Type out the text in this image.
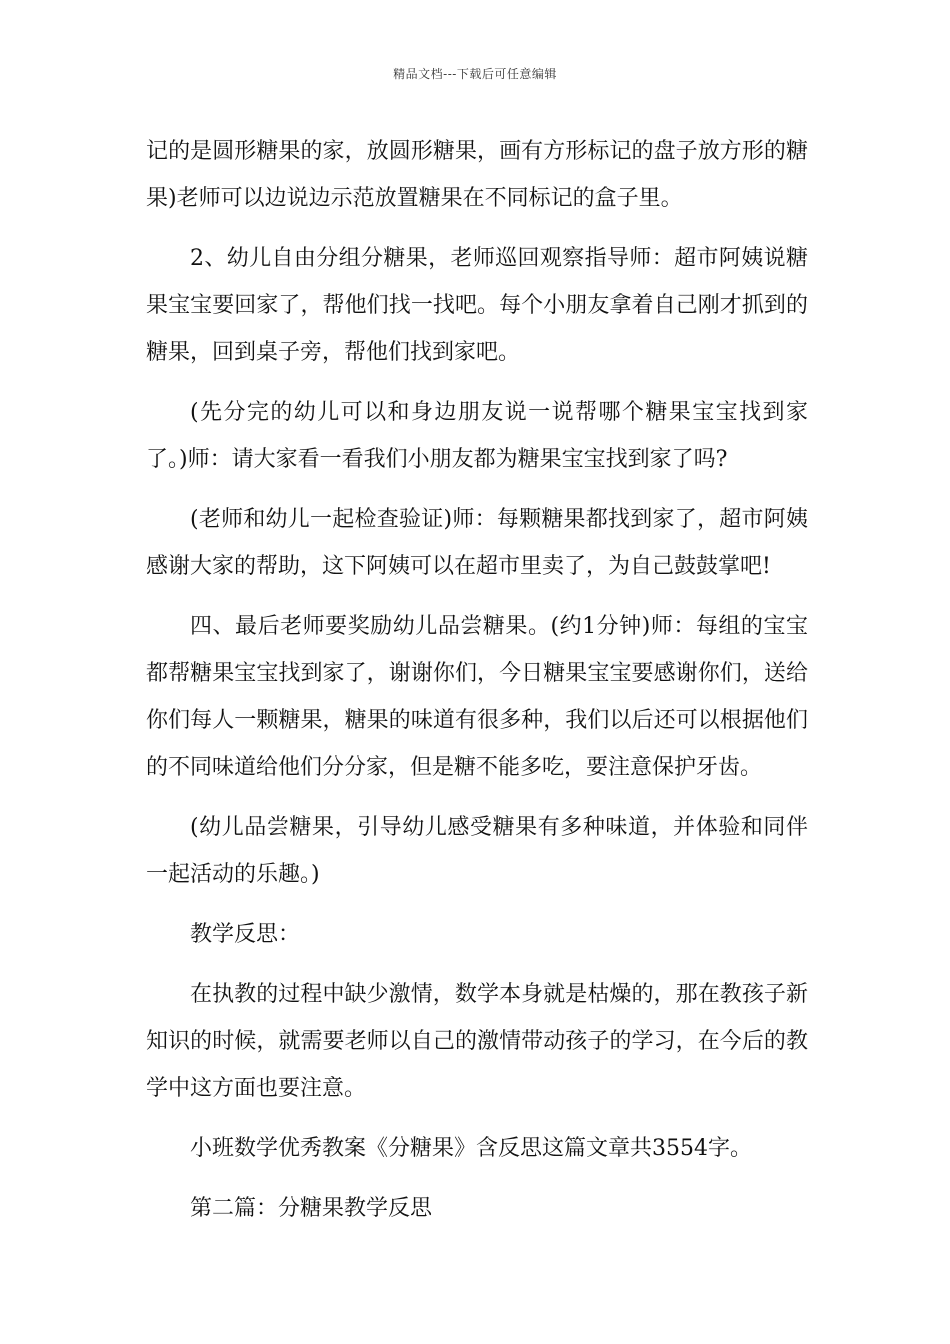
精品文档---下载后可任意编辑

记的是圆形糖果的家，放圆形糖果，画有方形标记的盘子放方形的糖果)老师可以边说边示范放置糖果在不同标记的盒子里。

2、幼儿自由分组分糖果，老师巡回观察指导师：超市阿姨说糖果宝宝要回家了，帮他们找一找吧。每个小朋友拿着自己刚才抓到的糖果，回到桌子旁，帮他们找到家吧。

(先分完的幼儿可以和身边朋友说一说帮哪个糖果宝宝找到家了。)师：请大家看一看我们小朋友都为糖果宝宝找到家了吗?

(老师和幼儿一起检查验证)师：每颗糖果都找到家了，超市阿姨感谢大家的帮助，这下阿姨可以在超市里卖了，为自己鼓鼓掌吧!

四、最后老师要奖励幼儿品尝糖果。(约1分钟)师：每组的宝宝都帮糖果宝宝找到家了，谢谢你们，今日糖果宝宝要感谢你们，送给你们每人一颗糖果，糖果的味道有很多种，我们以后还可以根据他们的不同味道给他们分分家，但是糖不能多吃，要注意保护牙齿。

(幼儿品尝糖果，引导幼儿感受糖果有多种味道，并体验和同伴一起活动的乐趣。)

教学反思：

在执教的过程中缺少激情，数学本身就是枯燥的，那在教孩子新知识的时候，就需要老师以自己的激情带动孩子的学习，在今后的教学中这方面也要注意。

小班数学优秀教案《分糖果》含反思这篇文章共3554字。

第二篇：分糖果教学反思
